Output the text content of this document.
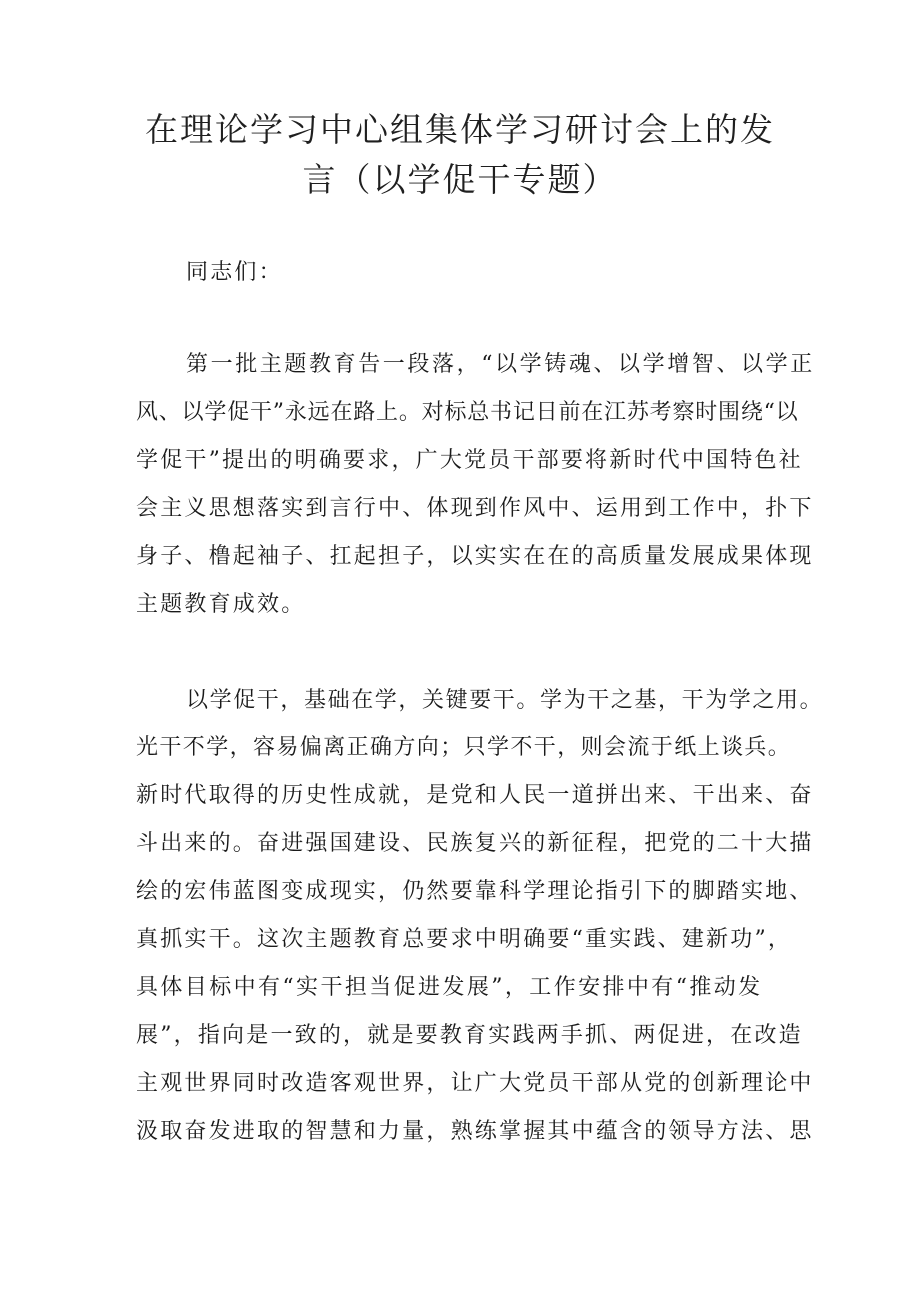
在理论学习中心组集体学习研讨会上的发
言（以学促干专题）
同志们：
第一批主题教育告一段落，“以学铸魂、以学增智、以学正
风、以学促干”永远在路上。对标总书记日前在江苏考察时围绕“以
学促干”提出的明确要求，广大党员干部要将新时代中国特色社
会主义思想落实到言行中、体现到作风中、运用到工作中，扑下
身子、橹起袖子、扛起担子，以实实在在的高质量发展成果体现
主题教育成效。
以学促干，基础在学，关键要干。学为干之基，干为学之用。
光干不学，容易偏离正确方向；只学不干，则会流于纸上谈兵。
新时代取得的历史性成就，是党和人民一道拼出来、干出来、奋
斗出来的。奋进强国建设、民族复兴的新征程，把党的二十大描
绘的宏伟蓝图变成现实，仍然要靠科学理论指引下的脚踏实地、
真抓实干。这次主题教育总要求中明确要“重实践、建新功”，
具体目标中有“实干担当促进发展”，工作安排中有“推动发
展”，指向是一致的，就是要教育实践两手抓、两促进，在改造
主观世界同时改造客观世界，让广大党员干部从党的创新理论中
汲取奋发进取的智慧和力量，熟练掌握其中蕴含的领导方法、思
